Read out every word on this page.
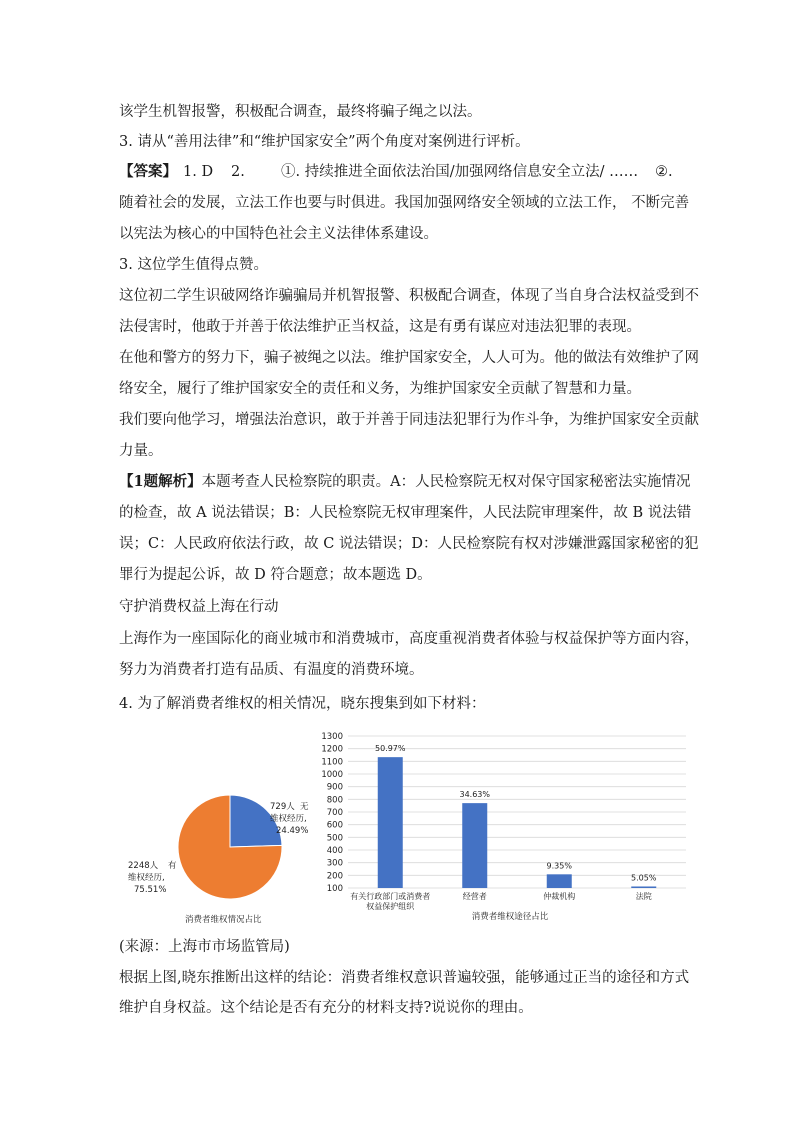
该学生机智报警，积极配合调查，最终将骗子绳之以法。
3. 请从“善用法律”和“维护国家安全”两个角度对案例进行评析。
【答案】 1. D 2. ①. 持续推进全面依法治国/加强网络信息安全立法/ …… ②.
随着社会的发展，立法工作也要与时俱进。我国加强网络安全领域的立法工作， 不断完善
以宪法为核心的中国特色社会主义法律体系建设。
3. 这位学生值得点赞。
这位初二学生识破网络诈骗骗局并机智报警、积极配合调查，体现了当自身合法权益受到不
法侵害时，他敢于并善于依法维护正当权益，这是有勇有谋应对违法犯罪的表现。
在他和警方的努力下，骗子被绳之以法。维护国家安全，人人可为。他的做法有效维护了网
络安全，履行了维护国家安全的责任和义务，为维护国家安全贡献了智慧和力量。
我们要向他学习，增强法治意识，敢于并善于同违法犯罪行为作斗争，为维护国家安全贡献
力量。
【1题解析】本题考查人民检察院的职责。A：人民检察院无权对保守国家秘密法实施情况
的检查，故 A 说法错误；B：人民检察院无权审理案件，人民法院审理案件，故 B 说法错
误；C：人民政府依法行政，故 C 说法错误；D：人民检察院有权对涉嫌泄露国家秘密的犯
罪行为提起公诉，故 D 符合题意；故本题选 D。
守护消费权益上海在行动
上海作为一座国际化的商业城市和消费城市，高度重视消费者体验与权益保护等方面内容，
努力为消费者打造有品质、有温度的消费环境。
4. 为了解消费者维权的相关情况，晓东搜集到如下材料：
729人 无
维权经历,
24.49%
2248人 有
维权经历,
75.51%
消费者维权情况占比
100
200
300
400
500
600
700
800
900
1000
1100
1200
1300
50.97%
有关行政部门或消费者
权益保护组织
34.63%
经营者
9.35%
仲裁机构
5.05%
法院
消费者维权途径占比
(来源：上海市市场监管局)
根据上图,晓东推断出这样的结论：消费者维权意识普遍较强，能够通过正当的途径和方式
维护自身权益。这个结论是否有充分的材料支持?说说你的理由。
